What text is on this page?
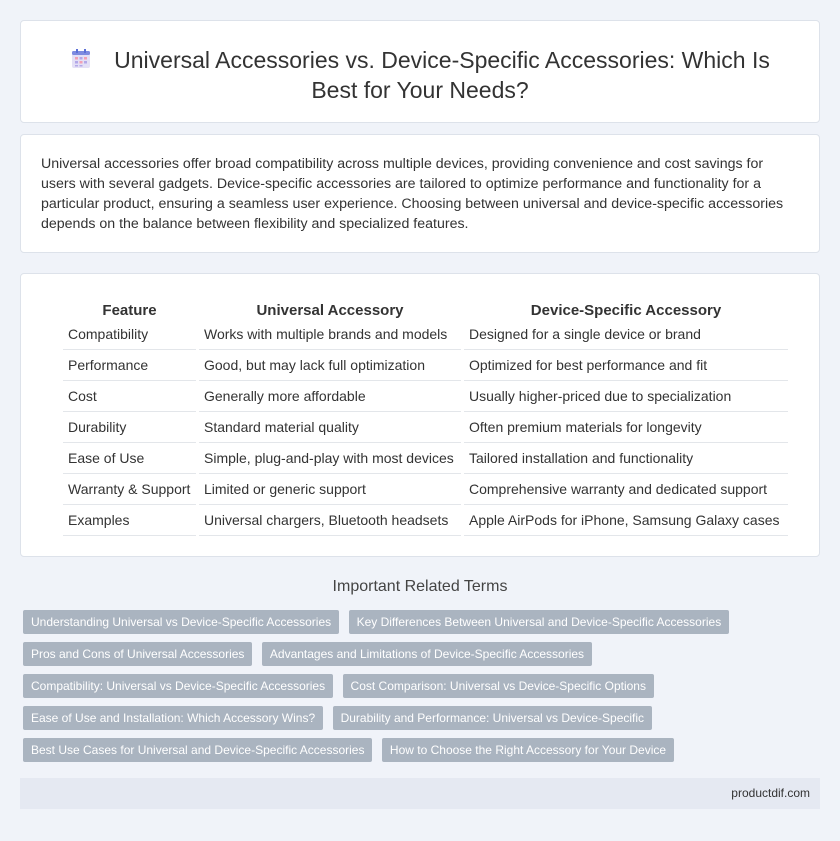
Universal Accessories vs. Device-Specific Accessories: Which Is Best for Your Needs?

Universal accessories offer broad compatibility across multiple devices, providing convenience and cost savings for users with several gadgets. Device-specific accessories are tailored to optimize performance and functionality for a particular product, ensuring a seamless user experience. Choosing between universal and device-specific accessories depends on the balance between flexibility and specialized features.

Feature		Universal Accessory		Device-Specific Accessory
Compatibility		Works with multiple brands and models		Designed for a single device or brand
Performance		Good, but may lack full optimization		Optimized for best performance and fit
Cost		Generally more affordable		Usually higher-priced due to specialization
Durability		Standard material quality		Often premium materials for longevity
Ease of Use		Simple, plug-and-play with most devices		Tailored installation and functionality
Warranty & Support		Limited or generic support		Comprehensive warranty and dedicated support
Examples		Universal chargers, Bluetooth headsets		Apple AirPods for iPhone, Samsung Galaxy cases
Important Related Terms
Understanding Universal vs Device-Specific Accessories Key Differences Between Universal and Device-Specific Accessories
Pros and Cons of Universal Accessories Advantages and Limitations of Device-Specific Accessories
Compatibility: Universal vs Device-Specific Accessories Cost Comparison: Universal vs Device-Specific Options
Ease of Use and Installation: Which Accessory Wins? Durability and Performance: Universal vs Device-Specific
Best Use Cases for Universal and Device-Specific Accessories How to Choose the Right Accessory for Your Device
productdif.com
